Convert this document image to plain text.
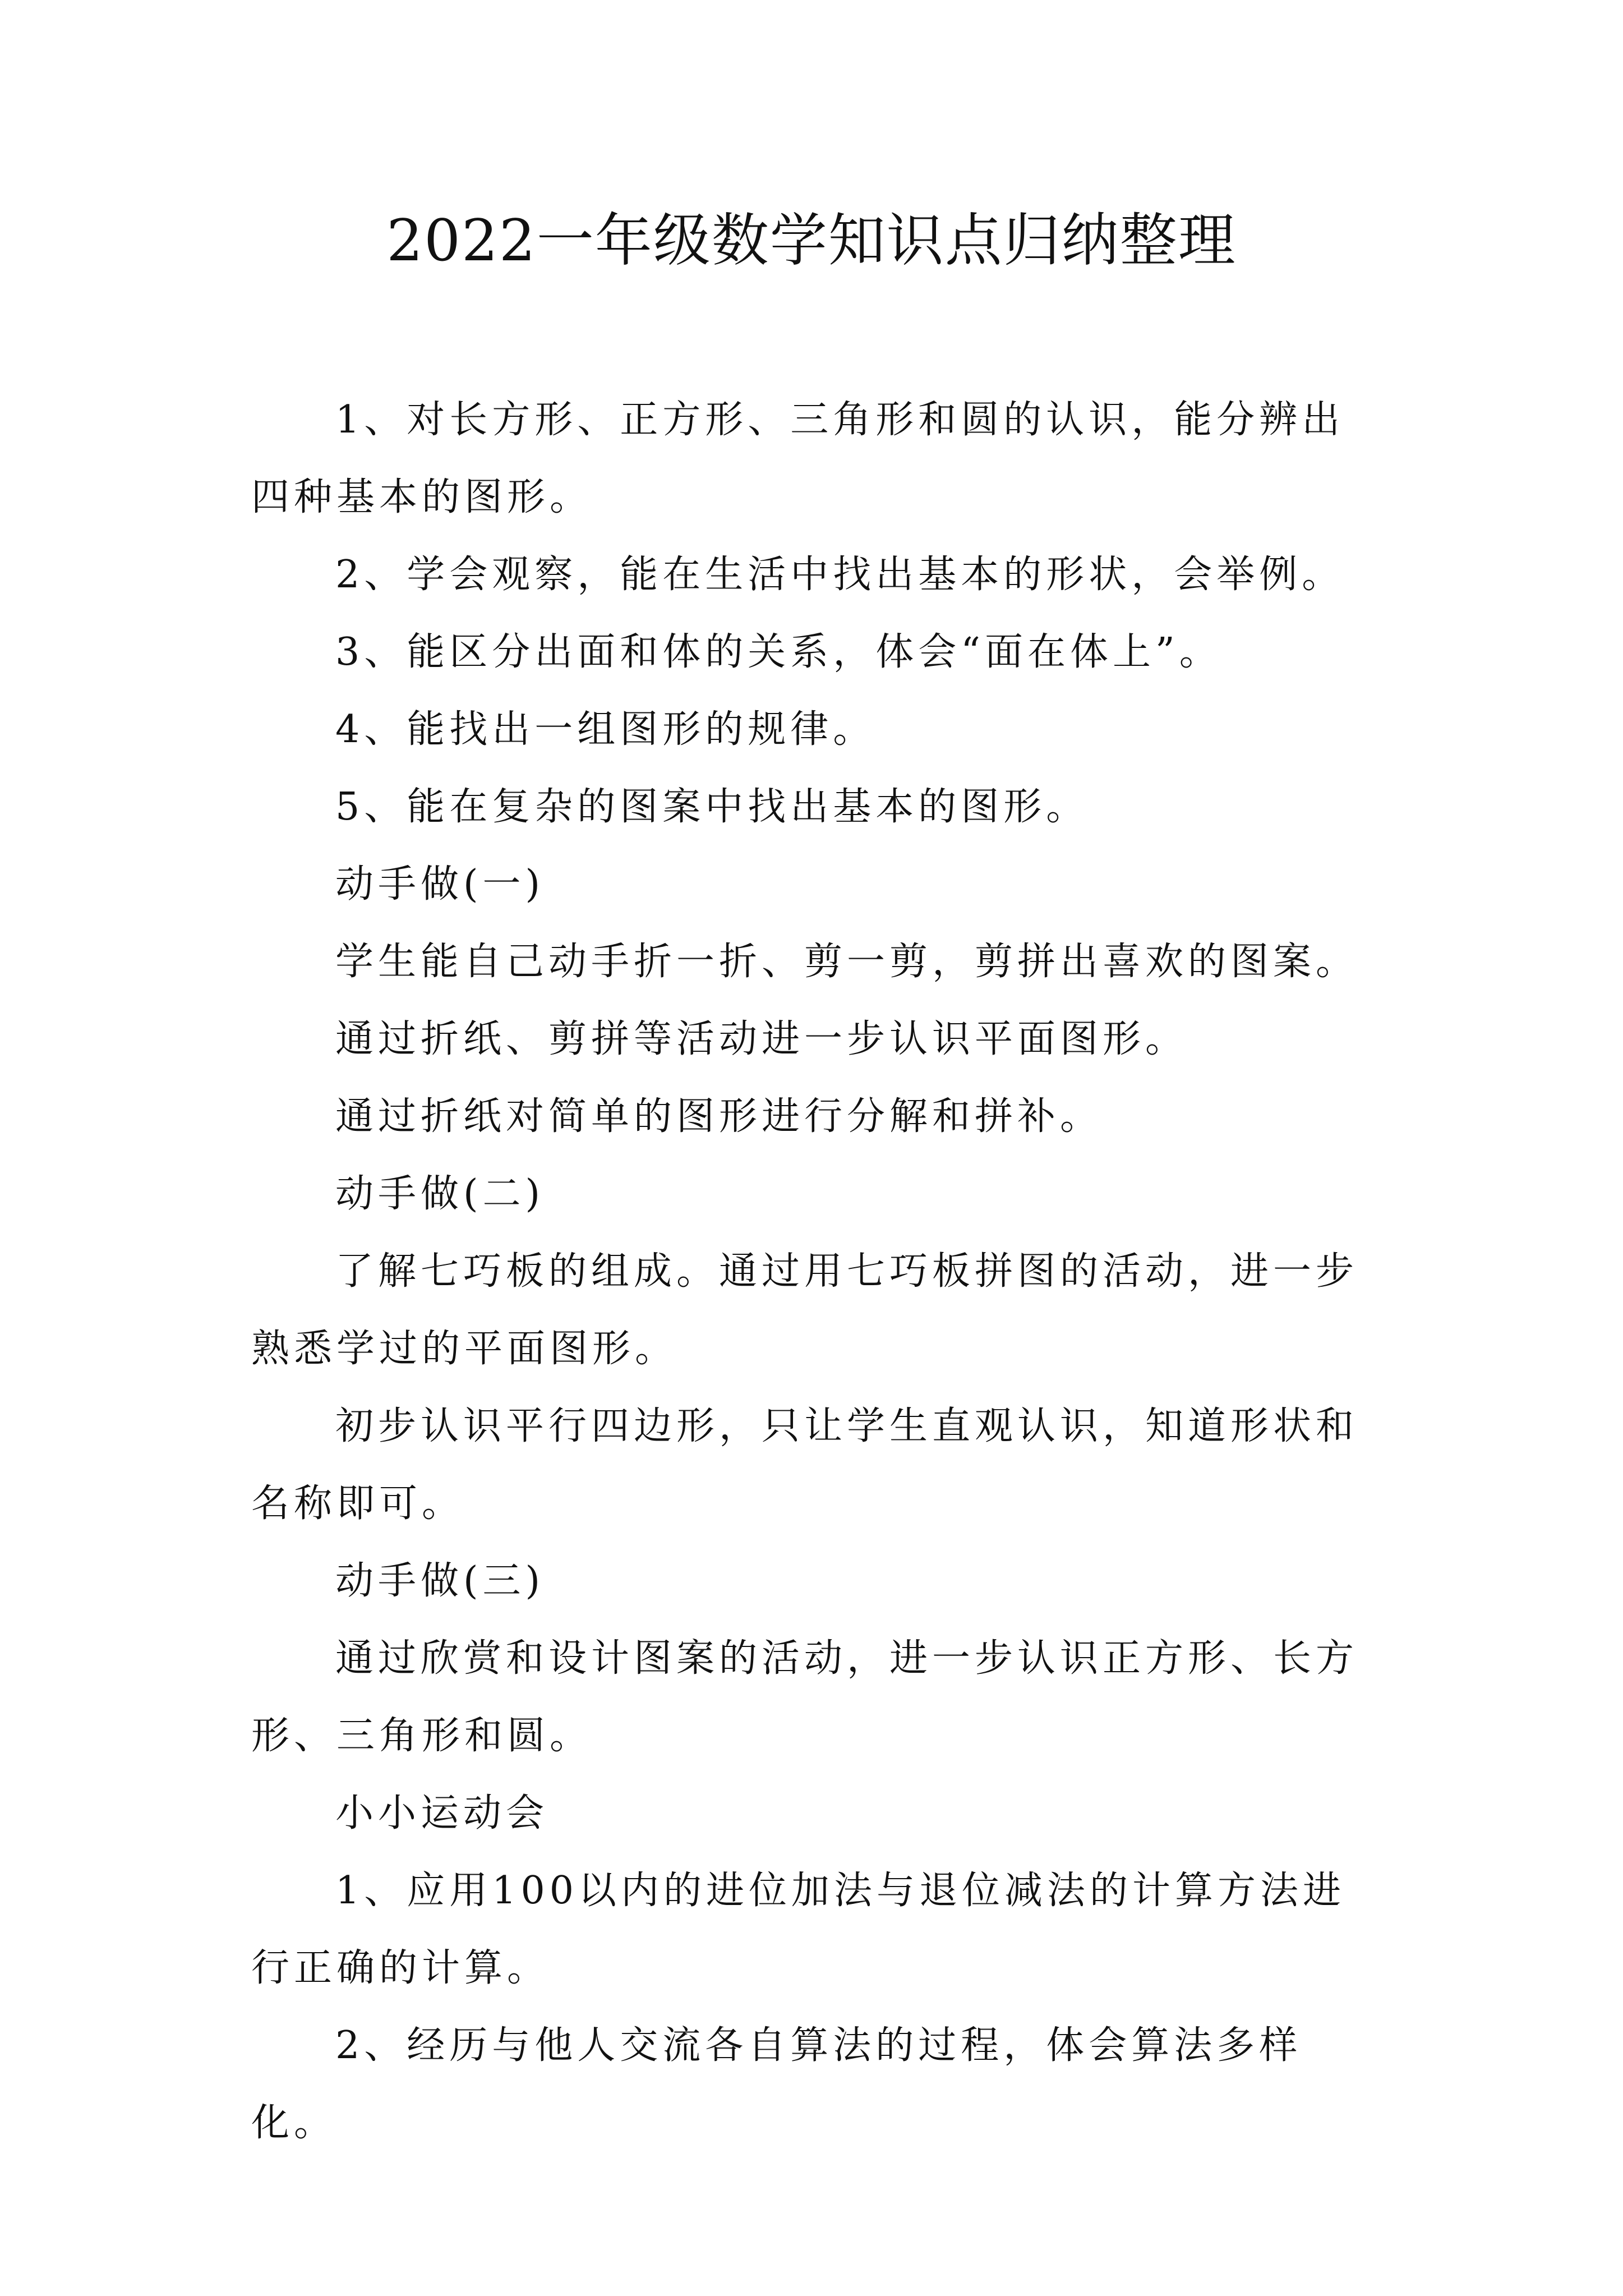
2022一年级数学知识点归纳整理

1、对长方形、正方形、三角形和圆的认识，能分辨出四种基本的图形。

2、学会观察，能在生活中找出基本的形状，会举例。

3、能区分出面和体的关系，体会“面在体上”。

4、能找出一组图形的规律。

5、能在复杂的图案中找出基本的图形。

动手做(一)

学生能自己动手折一折、剪一剪，剪拼出喜欢的图案。

通过折纸、剪拼等活动进一步认识平面图形。

通过折纸对简单的图形进行分解和拼补。

动手做(二)

了解七巧板的组成。通过用七巧板拼图的活动，进一步熟悉学过的平面图形。

初步认识平行四边形，只让学生直观认识，知道形状和名称即可。

动手做(三)

通过欣赏和设计图案的活动，进一步认识正方形、长方形、三角形和圆。

小小运动会

1、应用100以内的进位加法与退位减法的计算方法进行正确的计算。

2、经历与他人交流各自算法的过程，体会算法多样化。
